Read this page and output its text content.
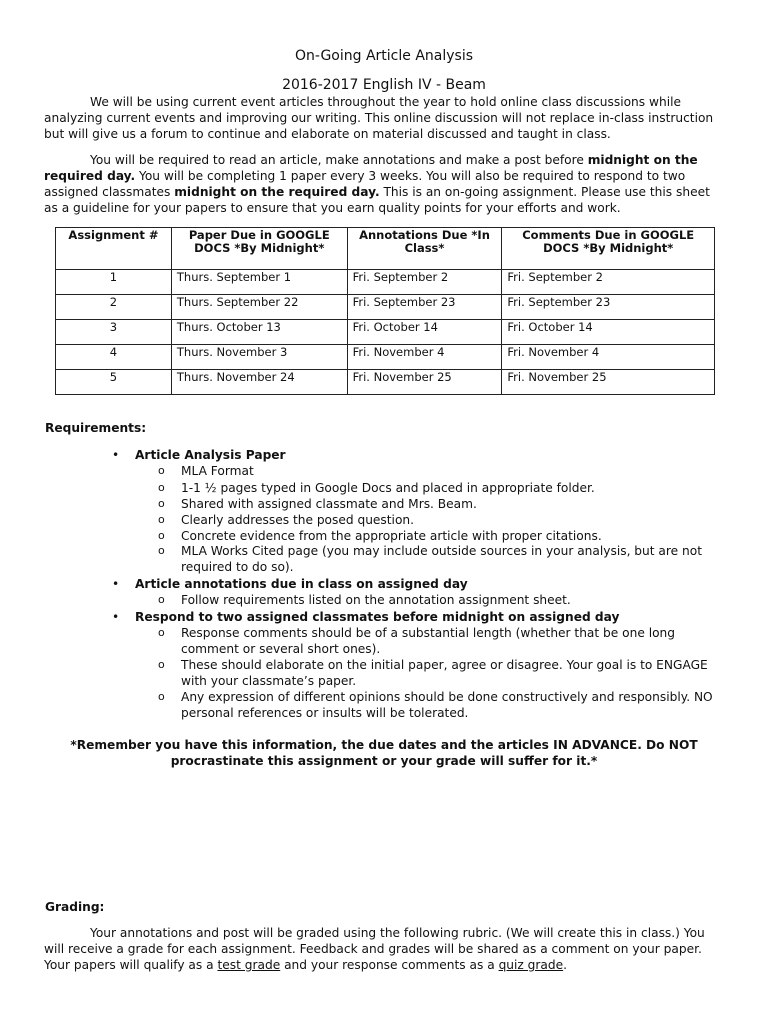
On-Going Article Analysis
2016-2017 English IV - Beam
We will be using current event articles throughout the year to hold online class discussions while analyzing current events and improving our writing. This online discussion will not replace in-class instruction but will give us a forum to continue and elaborate on material discussed and taught in class.
You will be required to read an article, make annotations and make a post before midnight on the required day. You will be completing 1 paper every 3 weeks. You will also be required to respond to two assigned classmates midnight on the required day. This is an on-going assignment. Please use this sheet as a guideline for your papers to ensure that you earn quality points for your efforts and work.
Assignment #	Paper Due in GOOGLE DOCS *By Midnight*	Annotations Due *In Class*	Comments Due in GOOGLE DOCS *By Midnight*
1	Thurs. September 1	Fri. September 2	Fri. September 2
2	Thurs. September 22	Fri. September 23	Fri. September 23
3	Thurs. October 13	Fri. October 14	Fri. October 14
4	Thurs. November 3	Fri. November 4	Fri. November 4
5	Thurs. November 24	Fri. November 25	Fri. November 25
Requirements:
• Article Analysis Paper
o MLA Format
o 1-1 ½ pages typed in Google Docs and placed in appropriate folder.
o Shared with assigned classmate and Mrs. Beam.
o Clearly addresses the posed question.
o Concrete evidence from the appropriate article with proper citations.
o MLA Works Cited page (you may include outside sources in your analysis, but are not required to do so).
• Article annotations due in class on assigned day
o Follow requirements listed on the annotation assignment sheet.
• Respond to two assigned classmates before midnight on assigned day
o Response comments should be of a substantial length (whether that be one long comment or several short ones).
o These should elaborate on the initial paper, agree or disagree. Your goal is to ENGAGE with your classmate’s paper.
o Any expression of different opinions should be done constructively and responsibly. NO personal references or insults will be tolerated.
*Remember you have this information, the due dates and the articles IN ADVANCE. Do NOT procrastinate this assignment or your grade will suffer for it.*
Grading:
Your annotations and post will be graded using the following rubric. (We will create this in class.) You will receive a grade for each assignment. Feedback and grades will be shared as a comment on your paper. Your papers will qualify as a test grade and your response comments as a quiz grade.
